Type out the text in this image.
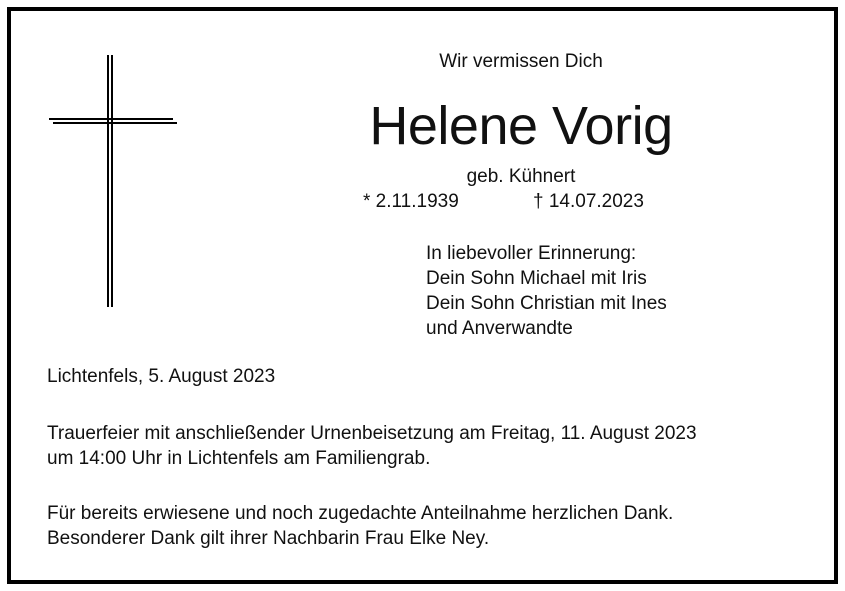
Wir vermissen Dich
Helene Vorig
geb. Kühnert
* 2.11.1939	† 14.07.2023
In liebevoller Erinnerung:
Dein Sohn Michael mit Iris
Dein Sohn Christian mit Ines
und Anverwandte
Lichtenfels, 5. August 2023
Trauerfeier mit anschließender Urnenbeisetzung am Freitag, 11. August 2023
um 14:00 Uhr in Lichtenfels am Familiengrab.
Für bereits erwiesene und noch zugedachte Anteilnahme herzlichen Dank.
Besonderer Dank gilt ihrer Nachbarin Frau Elke Ney.
